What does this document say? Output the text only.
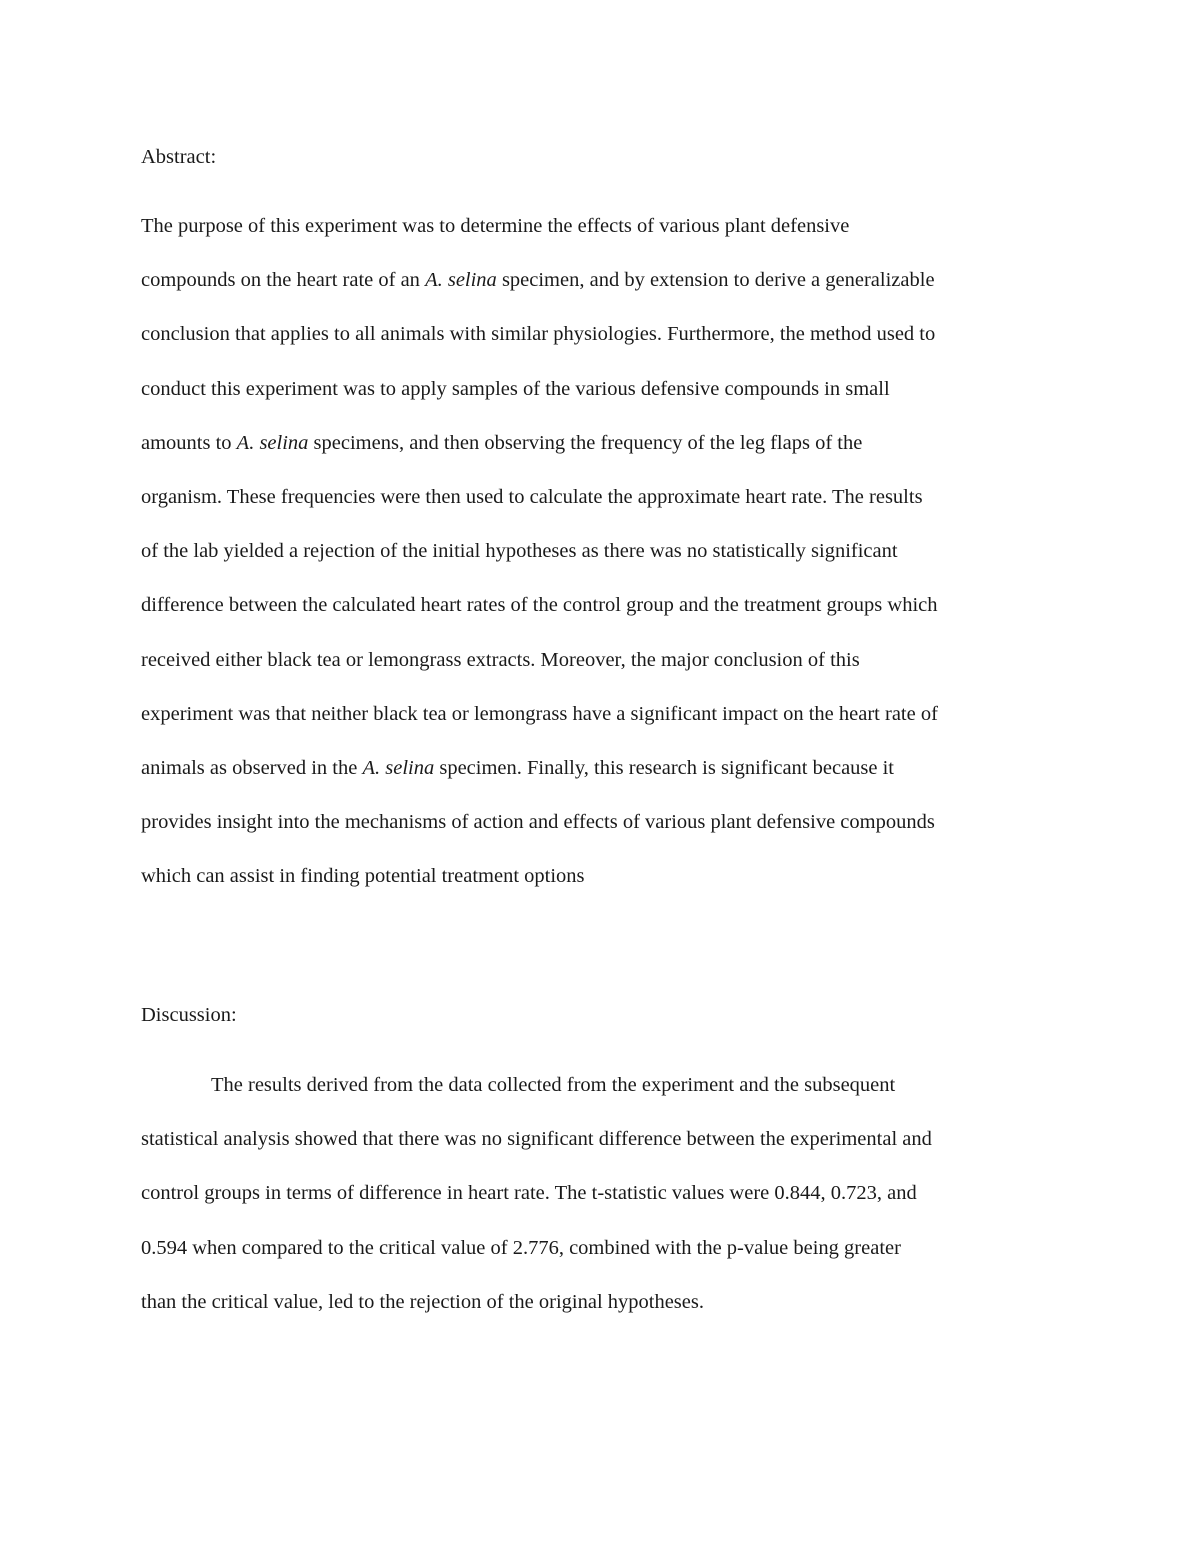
Abstract:
The purpose of this experiment was to determine the effects of various plant defensive
compounds on the heart rate of an A. selina specimen, and by extension to derive a generalizable
conclusion that applies to all animals with similar physiologies. Furthermore, the method used to
conduct this experiment was to apply samples of the various defensive compounds in small
amounts to A. selina specimens, and then observing the frequency of the leg flaps of the
organism. These frequencies were then used to calculate the approximate heart rate. The results
of the lab yielded a rejection of the initial hypotheses as there was no statistically significant
difference between the calculated heart rates of the control group and the treatment groups which
received either black tea or lemongrass extracts. Moreover, the major conclusion of this
experiment was that neither black tea or lemongrass have a significant impact on the heart rate of
animals as observed in the A. selina specimen. Finally, this research is significant because it
provides insight into the mechanisms of action and effects of various plant defensive compounds
which can assist in finding potential treatment options
Discussion:
The results derived from the data collected from the experiment and the subsequent
statistical analysis showed that there was no significant difference between the experimental and
control groups in terms of difference in heart rate. The t-statistic values were 0.844, 0.723, and
0.594 when compared to the critical value of 2.776, combined with the p-value being greater
than the critical value, led to the rejection of the original hypotheses.
